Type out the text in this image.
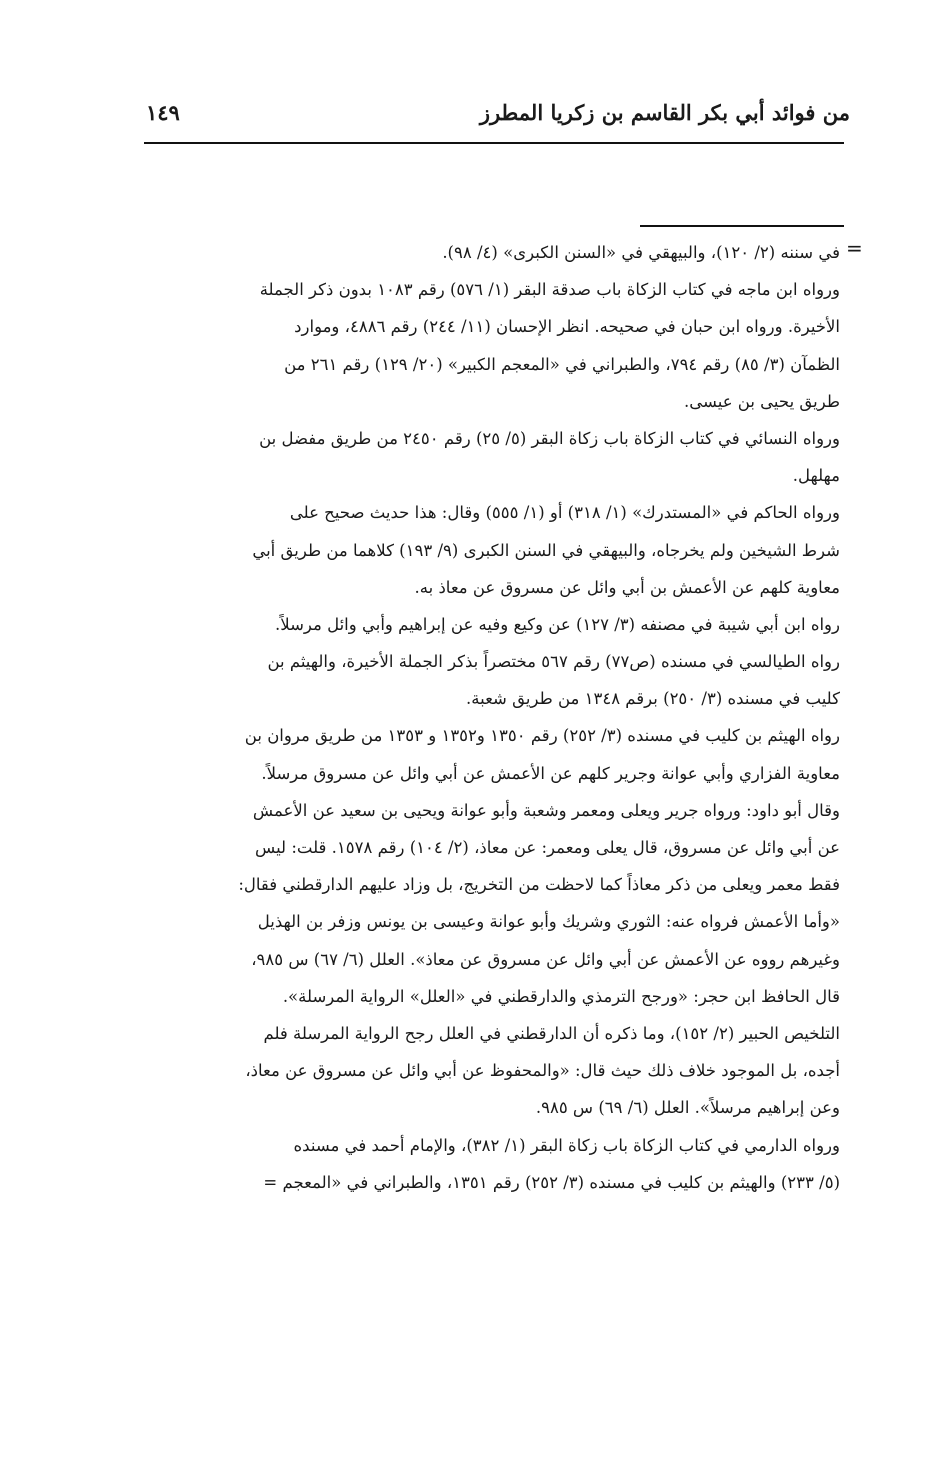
من فوائد أبي بكر القاسم بن زكريا المطرز
١٤٩
=
في سننه (٢/ ١٢٠)، والبيهقي في «السنن الكبرى» (٤/ ٩٨).
ورواه ابن ماجه في كتاب الزكاة باب صدقة البقر (١/ ٥٧٦) رقم ١٠٨٣ بدون ذكر الجملة
الأخيرة. ورواه ابن حبان في صحيحه. انظر الإحسان (١١/ ٢٤٤) رقم ٤٨٨٦، وموارد
الظمآن (٣/ ٨٥) رقم ٧٩٤، والطبراني في «المعجم الكبير» (٢٠/ ١٢٩) رقم ٢٦١ من
طريق يحيى بن عيسى.
ورواه النسائي في كتاب الزكاة باب زكاة البقر (٥/ ٢٥) رقم ٢٤٥٠ من طريق مفضل بن
مهلهل.
ورواه الحاكم في «المستدرك» (١/ ٣١٨) أو (١/ ٥٥٥) وقال: هذا حديث صحيح على
شرط الشيخين ولم يخرجاه، والبيهقي في السنن الكبرى (٩/ ١٩٣) كلاهما من طريق أبي
معاوية كلهم عن الأعمش بن أبي وائل عن مسروق عن معاذ به.
رواه ابن أبي شيبة في مصنفه (٣/ ١٢٧) عن وكيع وفيه عن إبراهيم وأبي وائل مرسلاً.
رواه الطيالسي في مسنده (ص٧٧) رقم ٥٦٧ مختصراً بذكر الجملة الأخيرة، والهيثم بن
كليب في مسنده (٣/ ٢٥٠) برقم ١٣٤٨ من طريق شعبة.
رواه الهيثم بن كليب في مسنده (٣/ ٢٥٢) رقم ١٣٥٠ و١٣٥٢ و ١٣٥٣ من طريق مروان بن
معاوية الفزاري وأبي عوانة وجرير كلهم عن الأعمش عن أبي وائل عن مسروق مرسلاً.
وقال أبو داود: ورواه جرير ويعلى ومعمر وشعبة وأبو عوانة ويحيى بن سعيد عن الأعمش
عن أبي وائل عن مسروق، قال يعلى ومعمر: عن معاذ، (٢/ ١٠٤) رقم ١٥٧٨. قلت: ليس
فقط معمر ويعلى من ذكر معاذاً كما لاحظت من التخريج، بل وزاد عليهم الدارقطني فقال:
«وأما الأعمش فرواه عنه: الثوري وشريك وأبو عوانة وعيسى بن يونس وزفر بن الهذيل
وغيرهم رووه عن الأعمش عن أبي وائل عن مسروق عن معاذ». العلل (٦/ ٦٧) س ٩٨٥،
قال الحافظ ابن حجر: «ورجح الترمذي والدارقطني في «العلل» الرواية المرسلة».
التلخيص الحبير (٢/ ١٥٢)، وما ذكره أن الدارقطني في العلل رجح الرواية المرسلة فلم
أجده، بل الموجود خلاف ذلك حيث قال: «والمحفوظ عن أبي وائل عن مسروق عن معاذ،
وعن إبراهيم مرسلاً». العلل (٦/ ٦٩) س ٩٨٥.
ورواه الدارمي في كتاب الزكاة باب زكاة البقر (١/ ٣٨٢)، والإمام أحمد في مسنده
(٥/ ٢٣٣) والهيثم بن كليب في مسنده (٣/ ٢٥٢) رقم ١٣٥١، والطبراني في «المعجم =
